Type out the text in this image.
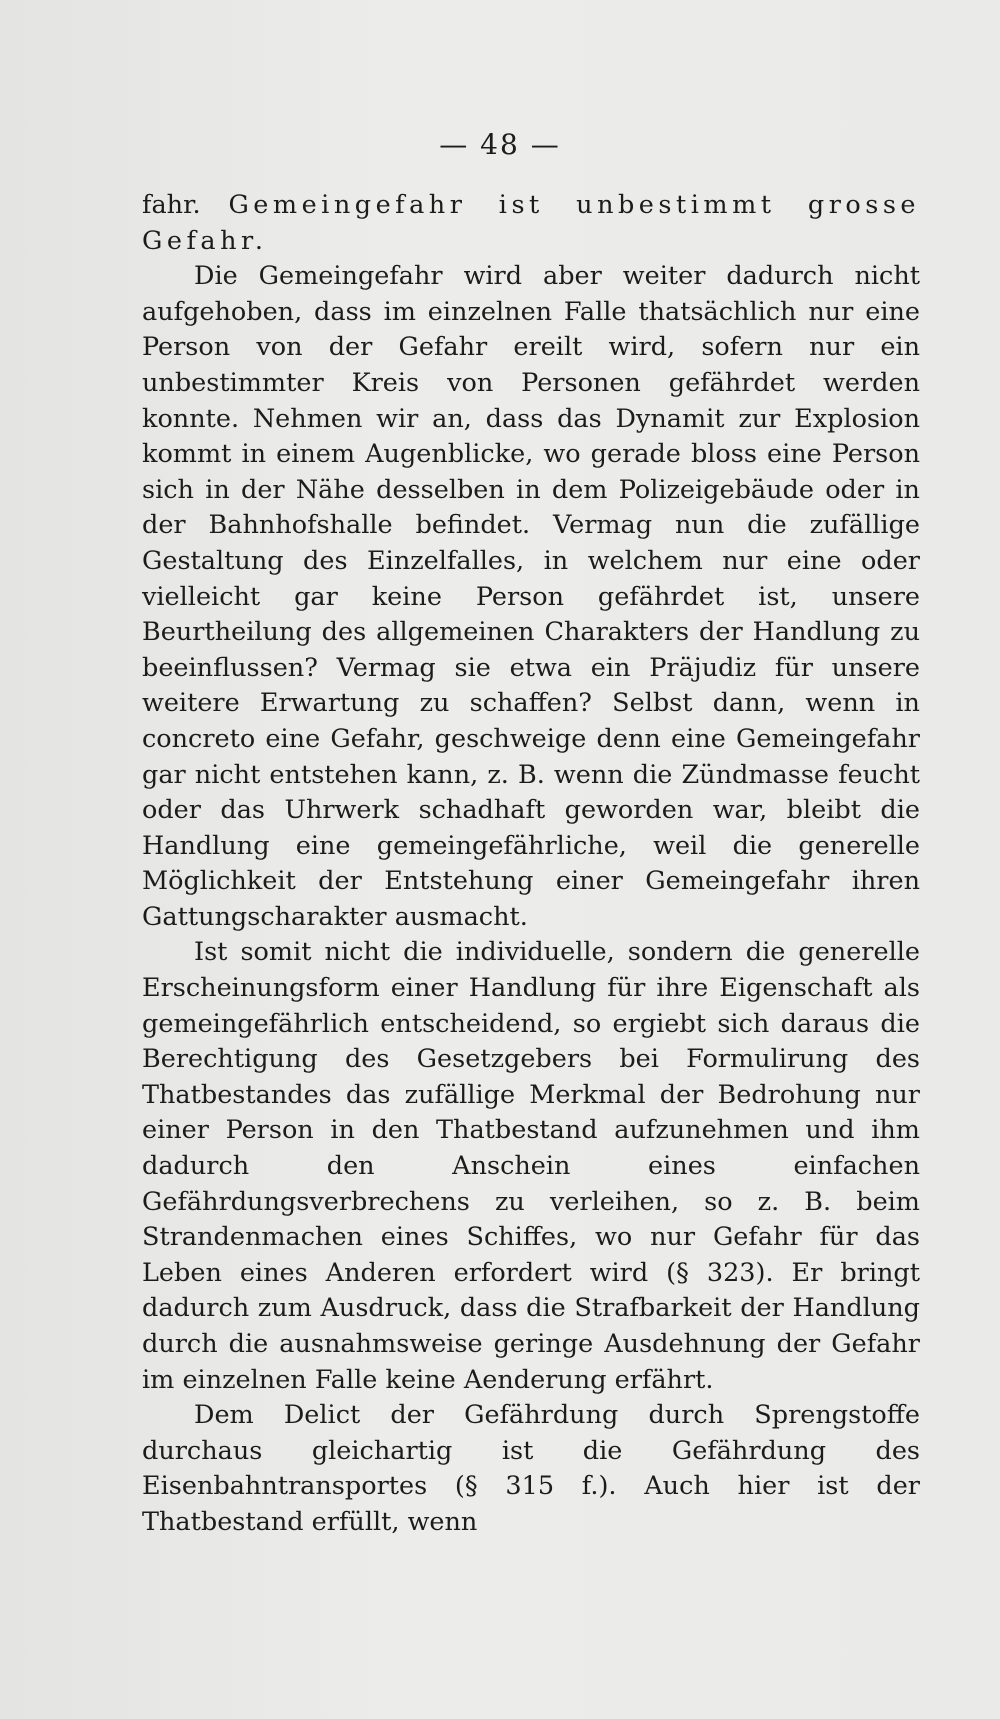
— 48 —

fahr. Gemeingefahr ist unbestimmt grosse Gefahr.

Die Gemeingefahr wird aber weiter dadurch nicht aufgehoben, dass im einzelnen Falle thatsächlich nur eine Person von der Gefahr ereilt wird, sofern nur ein unbestimmter Kreis von Personen gefährdet werden konnte. Nehmen wir an, dass das Dynamit zur Explosion kommt in einem Augenblicke, wo gerade bloss eine Person sich in der Nähe desselben in dem Polizeigebäude oder in der Bahnhofshalle befindet. Vermag nun die zufällige Gestaltung des Einzelfalles, in welchem nur eine oder vielleicht gar keine Person gefährdet ist, unsere Beurtheilung des allgemeinen Charakters der Handlung zu beeinflussen? Vermag sie etwa ein Präjudiz für unsere weitere Erwartung zu schaffen? Selbst dann, wenn in concreto eine Gefahr, geschweige denn eine Gemeingefahr gar nicht entstehen kann, z. B. wenn die Zündmasse feucht oder das Uhrwerk schadhaft geworden war, bleibt die Handlung eine gemeingefährliche, weil die generelle Möglichkeit der Entstehung einer Gemeingefahr ihren Gattungscharakter ausmacht.

Ist somit nicht die individuelle, sondern die generelle Erscheinungsform einer Handlung für ihre Eigenschaft als gemeingefährlich entscheidend, so ergiebt sich daraus die Berechtigung des Gesetzgebers bei Formulirung des Thatbestandes das zufällige Merkmal der Bedrohung nur einer Person in den Thatbestand aufzunehmen und ihm dadurch den Anschein eines einfachen Gefährdungsverbrechens zu verleihen, so z. B. beim Strandenmachen eines Schiffes, wo nur Gefahr für das Leben eines Anderen erfordert wird (§ 323). Er bringt dadurch zum Ausdruck, dass die Strafbarkeit der Handlung durch die ausnahmsweise geringe Ausdehnung der Gefahr im einzelnen Falle keine Aenderung erfährt.

Dem Delict der Gefährdung durch Sprengstoffe durchaus gleichartig ist die Gefährdung des Eisenbahntransportes (§ 315 f.). Auch hier ist der Thatbestand erfüllt, wenn
